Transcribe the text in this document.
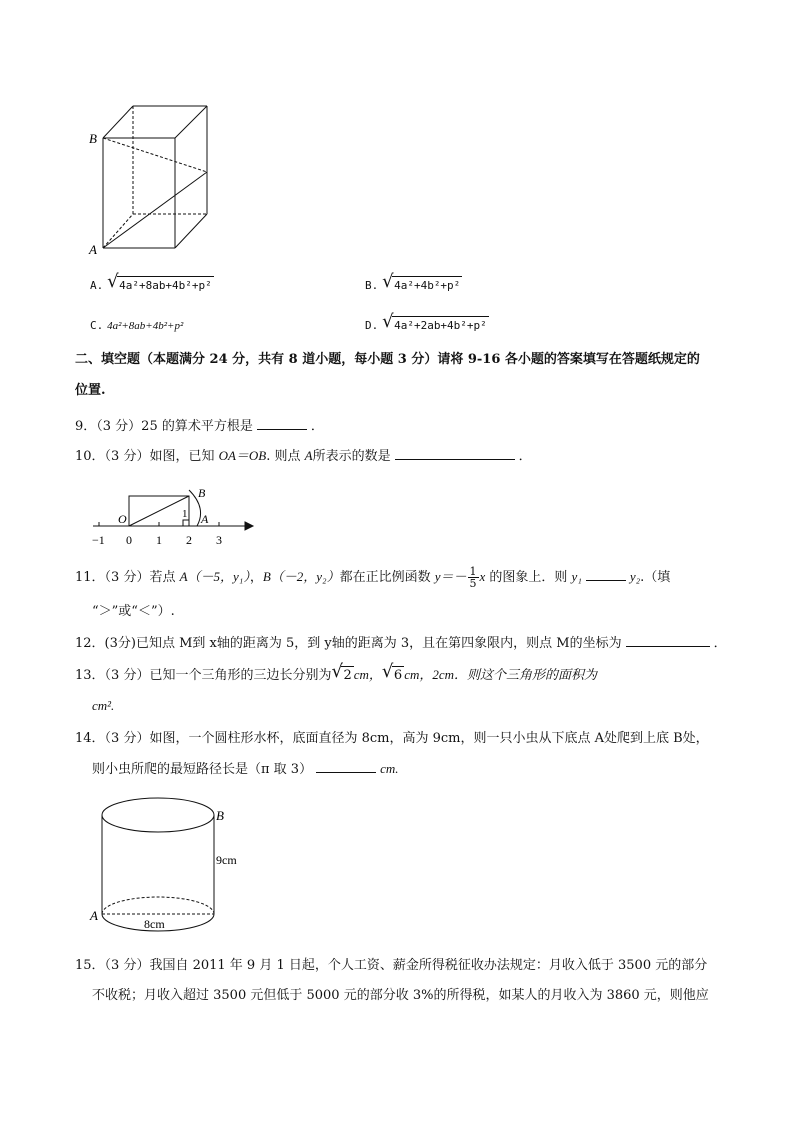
B
A
A. √ 4a²+8ab+4b²+p²	B. √ 4a²+4b²+p²
C. 4a²+8ab+4b²+p²	D. √ 4a²+2ab+4b²+p²
二、填空题（本题满分 24 分，共有 8 道小题，每小题 3 分）请将 9-16 各小题的答案填写在答题纸规定的
位置.
9．（3 分）25 的算术平方根是	．
10．（3 分）如图，已知 OA＝OB. 则点 A所表示的数是	．
B
O	1 A
−1 0 1 2 3
11．（3 分）若点 A（－5，y₁），B（－2，y₂）都在正比例函数 $y=- \frac{1}{5}$ x 的图象上．则 y₁	y₂.（填
“＞”或“＜”）.
12．(3分)已知点 M到 x轴的距离为 5，到 y轴的距离为 3，且在第四象限内，则点 M的坐标为	．
13．（3 分）已知一个三角形的三边长分别为 √ 2 cm， √ 6 cm，2cm．则这个三角形的面积为
cm².
14．（3 分）如图，一个圆柱形水杯，底面直径为 8cm，高为 9cm，则一只小虫从下底点 A处爬到上底 B处，
则小虫所爬的最短路径长是（π 取 3）	cm.
B
A
9cm
8cm
15．（3 分）我国自 2011 年 9 月 1 日起，个人工资、薪金所得税征收办法规定：月收入低于 3500 元的部分
不收税；月收入超过 3500 元但低于 5000 元的部分收 3%的所得税，如某人的月收入为 3860 元，则他应
